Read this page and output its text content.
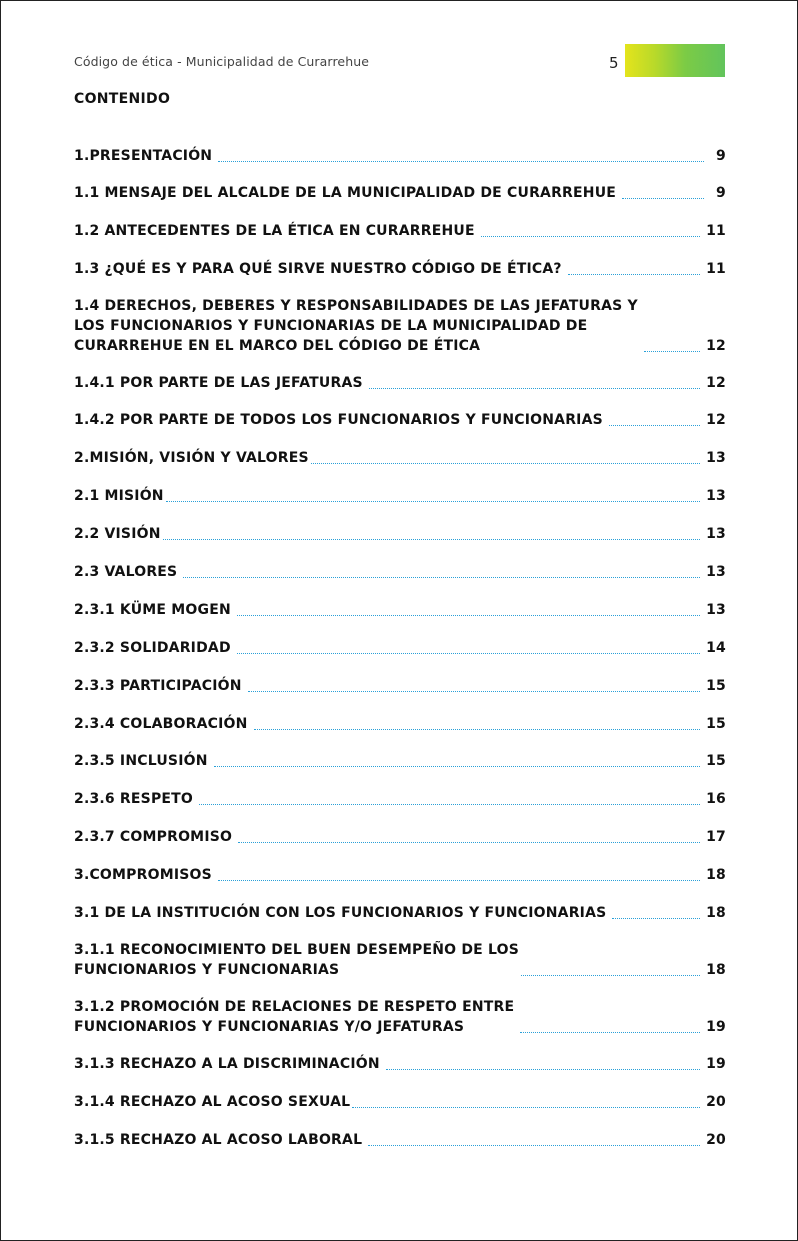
Código de ética - Municipalidad de Curarrehue	5
CONTENIDO
1.PRESENTACIÓN	9
1.1 MENSAJE DEL ALCALDE DE LA MUNICIPALIDAD DE CURARREHUE	9
1.2 ANTECEDENTES DE LA ÉTICA EN CURARREHUE	11
1.3 ¿QUÉ ES Y PARA QUÉ SIRVE NUESTRO CÓDIGO DE ÉTICA?	11
1.4 DERECHOS, DEBERES Y RESPONSABILIDADES DE LAS JEFATURAS Y
LOS FUNCIONARIOS Y FUNCIONARIAS DE LA MUNICIPALIDAD DE
CURARREHUE EN EL MARCO DEL CÓDIGO DE ÉTICA	12
1.4.1 POR PARTE DE LAS JEFATURAS	12
1.4.2 POR PARTE DE TODOS LOS FUNCIONARIOS Y FUNCIONARIAS	12
2.MISIÓN, VISIÓN Y VALORES	13
2.1 MISIÓN	13
2.2 VISIÓN	13
2.3 VALORES	13
2.3.1 KÜME MOGEN	13
2.3.2 SOLIDARIDAD	14
2.3.3 PARTICIPACIÓN	15
2.3.4 COLABORACIÓN	15
2.3.5 INCLUSIÓN	15
2.3.6 RESPETO	16
2.3.7 COMPROMISO	17
3.COMPROMISOS	18
3.1 DE LA INSTITUCIÓN CON LOS FUNCIONARIOS Y FUNCIONARIAS	18
3.1.1 RECONOCIMIENTO DEL BUEN DESEMPEÑO DE LOS
FUNCIONARIOS Y FUNCIONARIAS	18
3.1.2 PROMOCIÓN DE RELACIONES DE RESPETO ENTRE
FUNCIONARIOS Y FUNCIONARIAS Y/O JEFATURAS	19
3.1.3 RECHAZO A LA DISCRIMINACIÓN	19
3.1.4 RECHAZO AL ACOSO SEXUAL	20
3.1.5 RECHAZO AL ACOSO LABORAL	20
